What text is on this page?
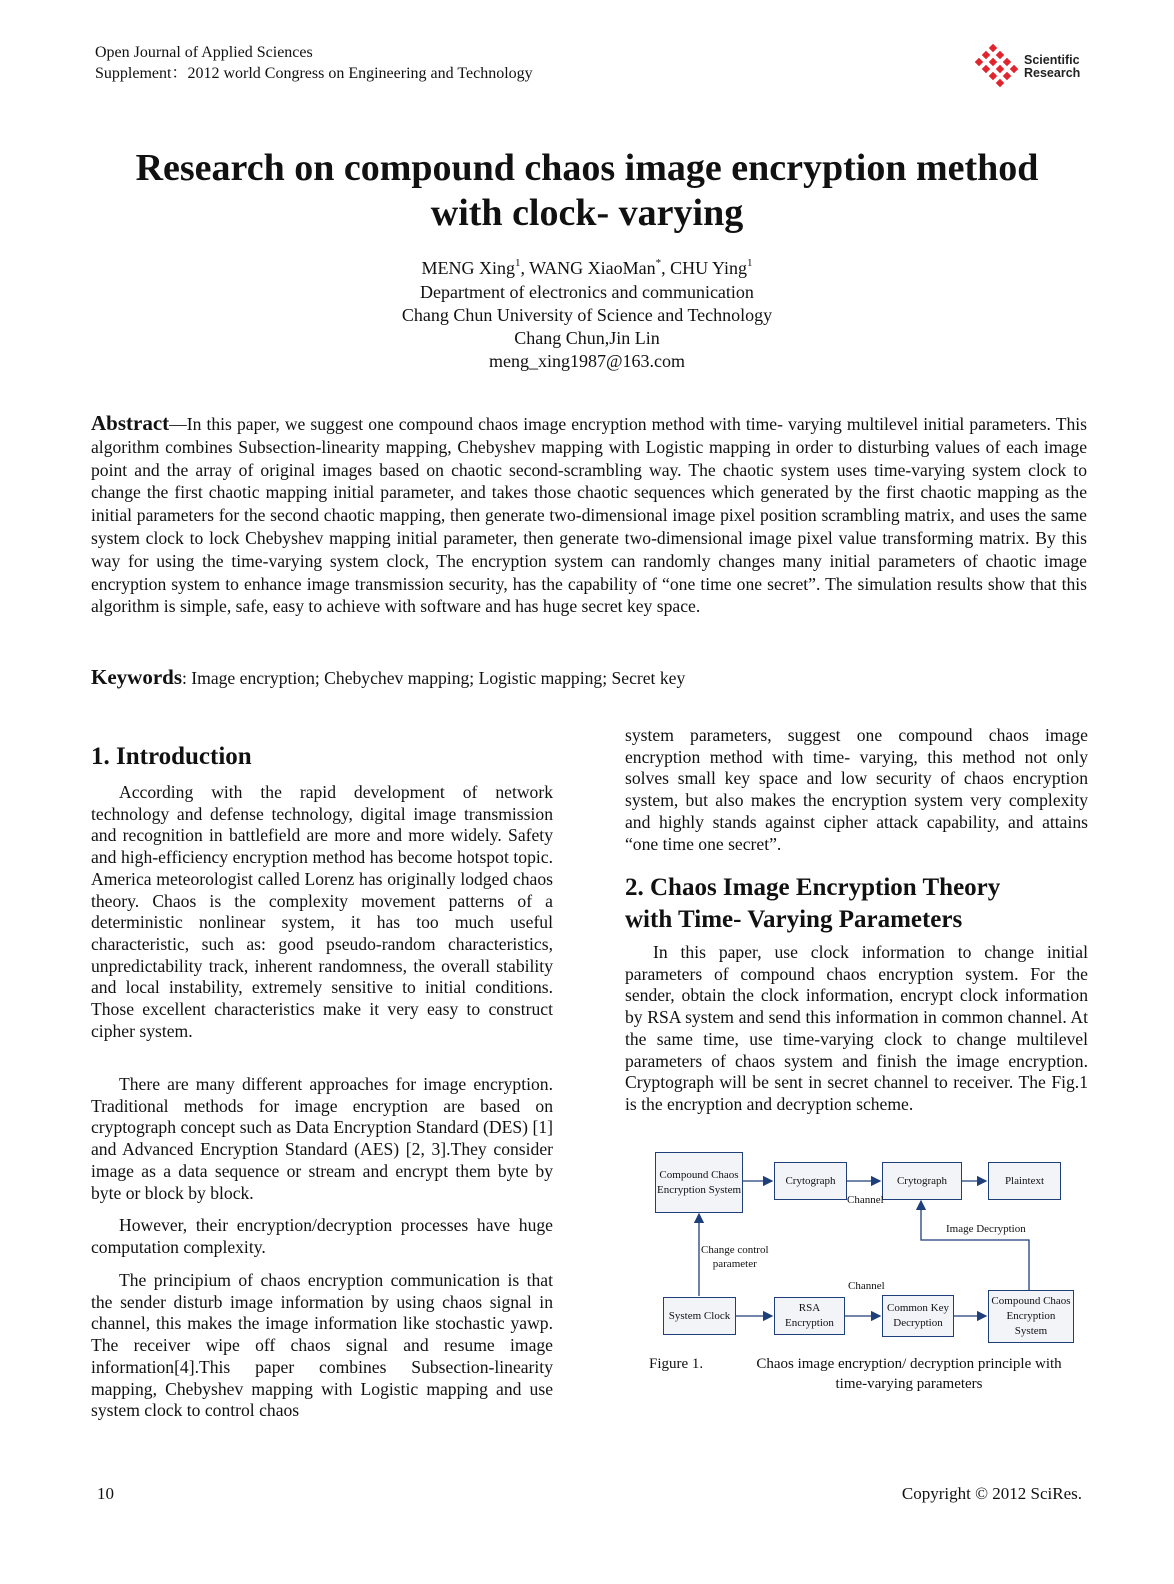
Open Journal of Applied Sciences
Supplement：2012 world Congress on Engineering and Technology
Scientific
Research
Research on compound chaos image encryption method
with clock- varying
MENG Xing$^1$, WANG XiaoMan*, CHU Ying$^1$
Department of electronics and communication
Chang Chun University of Science and Technology
Chang Chun,Jin Lin
meng_xing1987@163.com
Abstract—In this paper, we suggest one compound chaos image encryption method with time- varying multilevel initial parameters. This algorithm combines Subsection-linearity mapping, Chebyshev mapping with Logistic mapping in order to disturbing values of each image point and the array of original images based on chaotic second-scrambling way. The chaotic system uses time-varying system clock to change the first chaotic mapping initial parameter, and takes those chaotic sequences which generated by the first chaotic mapping as the initial parameters for the second chaotic mapping, then generate two-dimensional image pixel position scrambling matrix, and uses the same system clock to lock Chebyshev mapping initial parameter, then generate two-dimensional image pixel value transforming matrix. By this way for using the time-varying system clock, The encryption system can randomly changes many initial parameters of chaotic image encryption system to enhance image transmission security, has the capability of “one time one secret”. The simulation results show that this algorithm is simple, safe, easy to achieve with software and has huge secret key space.
Keywords: Image encryption; Chebychev mapping; Logistic mapping; Secret key
1. Introduction
According with the rapid development of network technology and defense technology, digital image transmission and recognition in battlefield are more and more widely. Safety and high-efficiency encryption method has become hotspot topic. America meteorologist called Lorenz has originally lodged chaos theory. Chaos is the complexity movement patterns of a deterministic nonlinear system, it has too much useful characteristic, such as: good pseudo-random characteristics, unpredictability track, inherent randomness, the overall stability and local instability, extremely sensitive to initial conditions. Those excellent characteristics make it very easy to construct cipher system.
There are many different approaches for image encryption. Traditional methods for image encryption are based on cryptograph concept such as Data Encryption Standard (DES) [1] and Advanced Encryption Standard (AES) [2, 3].They consider image as a data sequence or stream and encrypt them byte by byte or block by block.
However, their encryption/decryption processes have huge computation complexity.
The principium of chaos encryption communication is that the sender disturb image information by using chaos signal in channel, this makes the image information like stochastic yawp. The receiver wipe off chaos signal and resume image information[4].This paper combines Subsection-linearity mapping, Chebyshev mapping with Logistic mapping and use system clock to control chaos
system parameters, suggest one compound chaos image encryption method with time- varying, this method not only solves small key space and low security of chaos encryption system, but also makes the encryption system very complexity and highly stands against cipher attack capability, and attains “one time one secret”.
2. Chaos Image Encryption Theory
with Time- Varying Parameters
In this paper, use clock information to change initial parameters of compound chaos encryption system. For the sender, obtain the clock information, encrypt clock information by RSA system and send this information in common channel. At the same time, use time-varying clock to change multilevel parameters of chaos system and finish the image encryption. Cryptograph will be sent in secret channel to receiver. The Fig.1 is the encryption and decryption scheme.
Compound Chaos
Encryption System
Crytograph	Crytograph	Plaintext
Channel
Image Decryption
Change control
parameter
Channel
System Clock
RSA Encryption
Common Key
Decryption
Compound Chaos
Encryption System
Figure 1.	Chaos image encryption/ decryption principle with
time-varying parameters
10	Copyright © 2012 SciRes.
